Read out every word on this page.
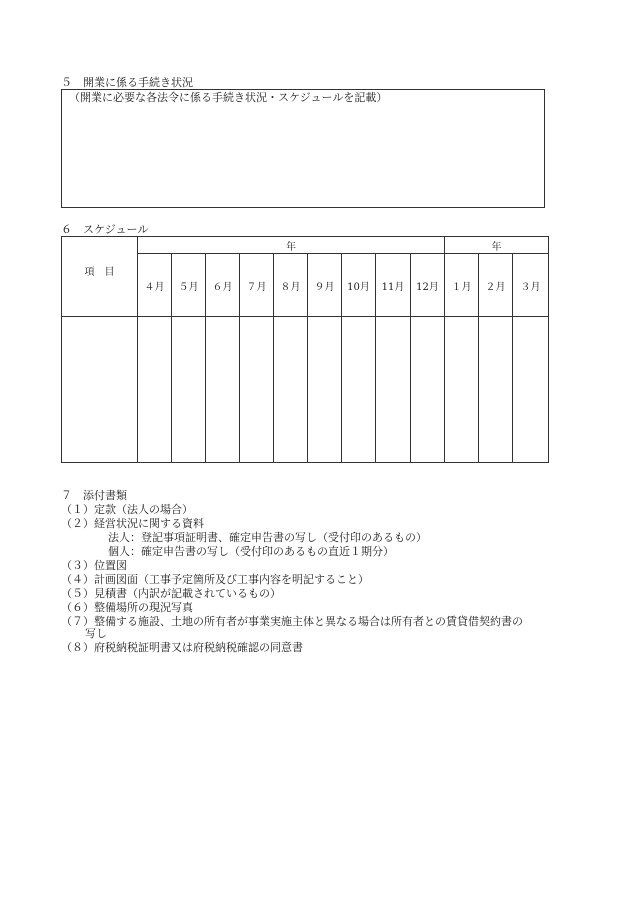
５　開業に係る手続き状況
（開業に必要な各法令に係る手続き状況・スケジュールを記載）
６　スケジュール
項　目	年									年		
	４月	５月	６月	７月	８月	９月	10月	11月	12月	１月	２月	３月

７　添付書類
（１）定款（法人の場合）
（２）経営状況に関する資料
法人：登記事項証明書、確定申告書の写し（受付印のあるもの）
個人：確定申告書の写し（受付印のあるもの直近１期分）
（３）位置図
（４）計画図面（工事予定箇所及び工事内容を明記すること）
（５）見積書（内訳が記載されているもの）
（６）整備場所の現況写真
（７）整備する施設、土地の所有者が事業実施主体と異なる場合は所有者との賃貸借契約書の
写し
（８）府税納税証明書又は府税納税確認の同意書
